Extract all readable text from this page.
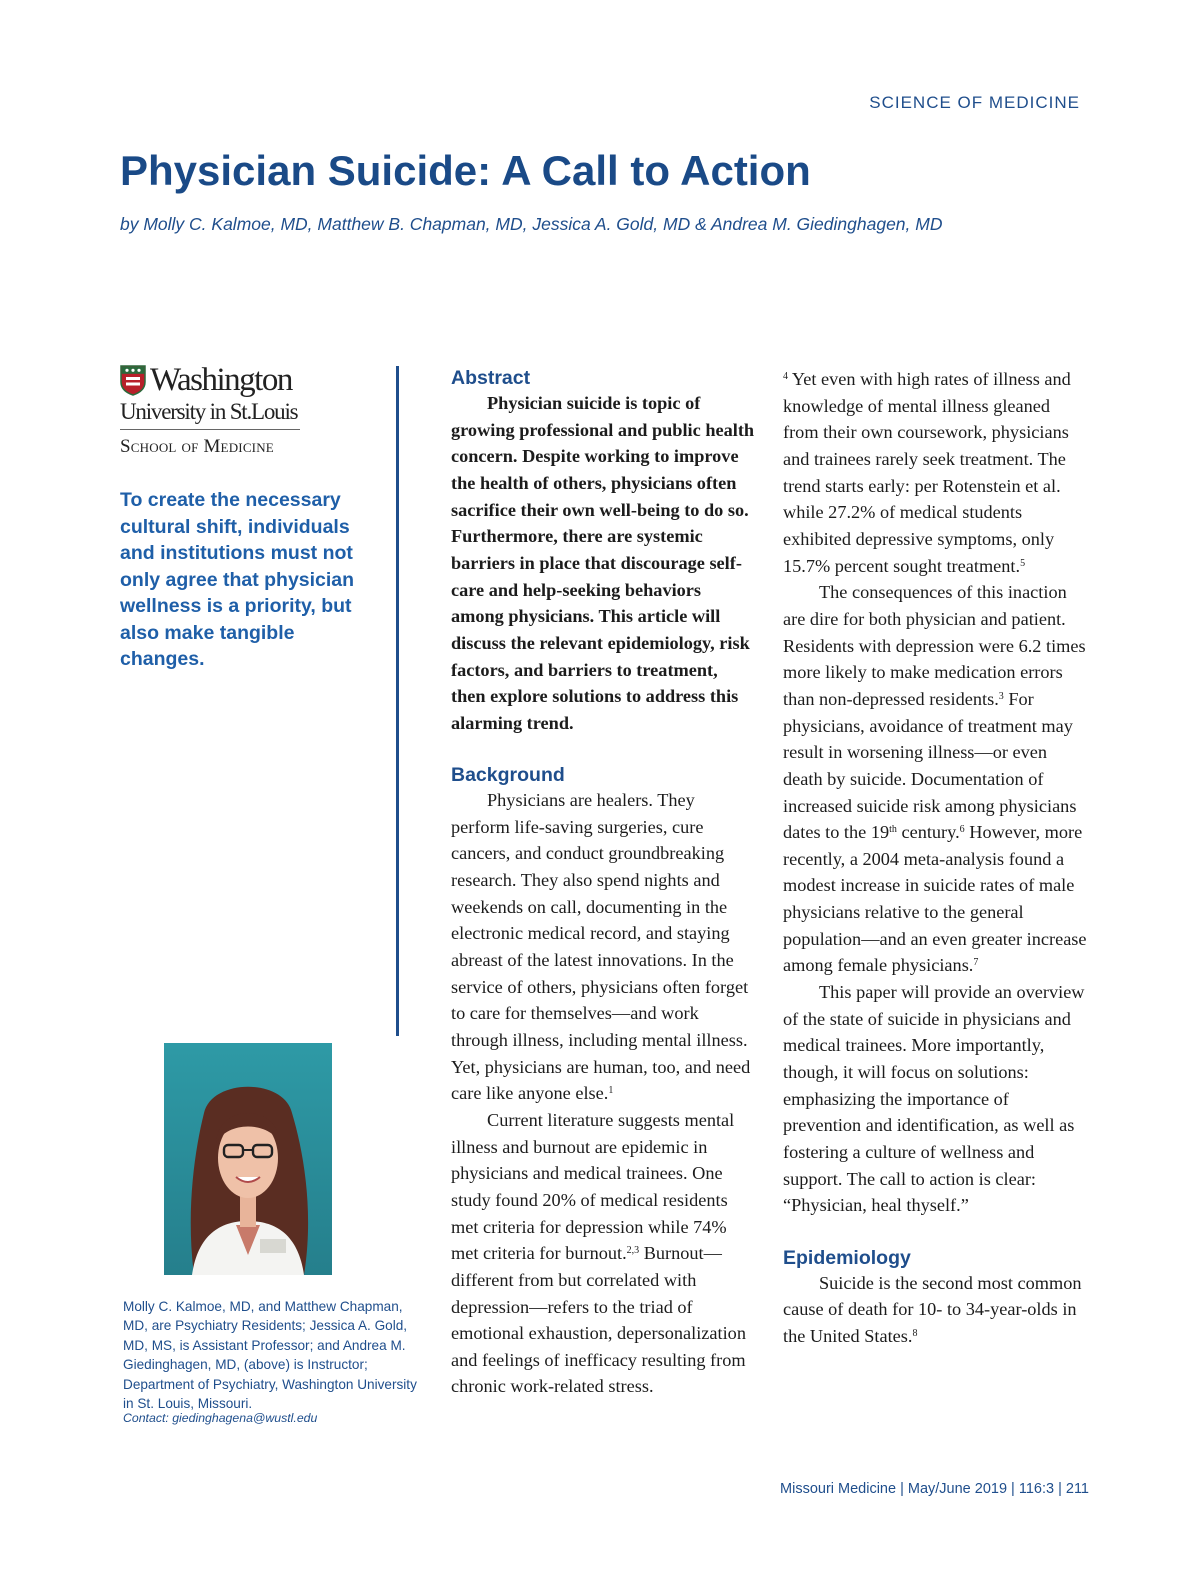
SCIENCE OF MEDICINE
Physician Suicide: A Call to Action
by Molly C. Kalmoe, MD, Matthew B. Chapman, MD, Jessica A. Gold, MD & Andrea M. Giedinghagen, MD
Washington
University in St.Louis
School of Medicine
To create the necessary cultural shift, individuals and institutions must not only agree that physician wellness is a priority, but also make tangible changes.
Molly C. Kalmoe, MD, and Matthew Chapman, MD, are Psychiatry Residents; Jessica A. Gold, MD, MS, is Assistant Professor; and Andrea M. Giedinghagen, MD, (above) is Instructor; Department of Psychiatry, Washington University in St. Louis, Missouri.
Contact: giedinghagena@wustl.edu
Abstract

Physician suicide is topic of growing professional and public health concern. Despite working to improve the health of others, physicians often sacrifice their own well-being to do so. Furthermore, there are systemic barriers in place that discourage self-care and help-seeking behaviors among physicians. This article will discuss the relevant epidemiology, risk factors, and barriers to treatment, then explore solutions to address this alarming trend.

Background

Physicians are healers. They perform life-saving surgeries, cure cancers, and conduct groundbreaking research. They also spend nights and weekends on call, documenting in the electronic medical record, and staying abreast of the latest innovations. In the service of others, physicians often forget to care for themselves—and work through illness, including mental illness. Yet, physicians are human, too, and need care like anyone else.$^1$

Current literature suggests mental illness and burnout are epidemic in physicians and medical trainees. One study found 20% of medical residents met criteria for depression while 74% met criteria for burnout.$^{2,3}$ Burnout—different from but correlated with depression—refers to the triad of emotional exhaustion, depersonalization and feelings of inefficacy resulting from chronic work-related stress.

$^4$ Yet even with high rates of illness and knowledge of mental illness gleaned from their own coursework, physicians and trainees rarely seek treatment. The trend starts early: per Rotenstein et al. while 27.2% of medical students exhibited depressive symptoms, only 15.7% percent sought treatment.$^5$

The consequences of this inaction are dire for both physician and patient. Residents with depression were 6.2 times more likely to make medication errors than non-depressed residents.$^3$ For physicians, avoidance of treatment may result in worsening illness—or even death by suicide. Documentation of increased suicide risk among physicians dates to the 19th century.$^6$ However, more recently, a 2004 meta-analysis found a modest increase in suicide rates of male physicians relative to the general population—and an even greater increase among female physicians.$^7$

This paper will provide an overview of the state of suicide in physicians and medical trainees. More importantly, though, it will focus on solutions: emphasizing the importance of prevention and identification, as well as fostering a culture of wellness and support. The call to action is clear: “Physician, heal thyself.”

Epidemiology

Suicide is the second most common cause of death for 10- to 34-year-olds in the United States.$^8$

Missouri Medicine | May/June 2019 | 116:3 | 211
